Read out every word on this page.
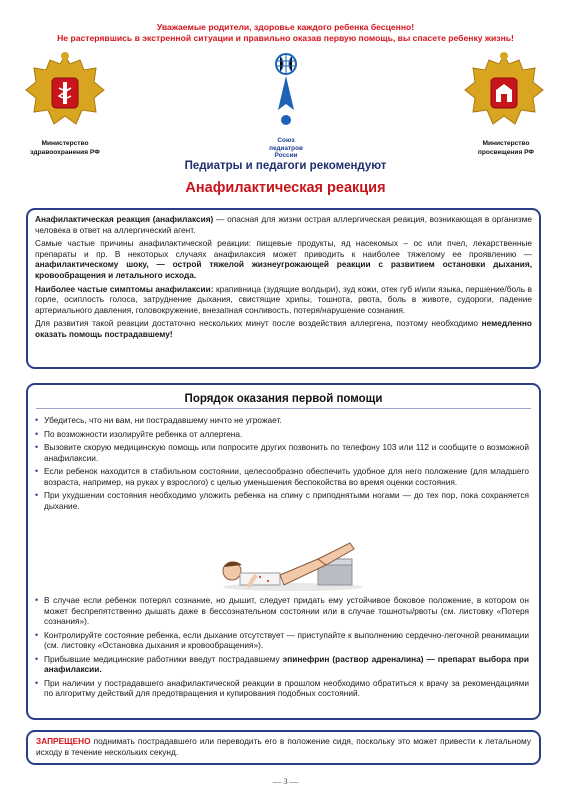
Уважаемые родители, здоровье каждого ребенка бесценно!
Не растерявшись в экстренной ситуации и правильно оказав первую помощь, вы спасете ребенку жизнь!
Министерство
здравоохранения РФ
Союз
педиатров
России
Министерство
просвещения РФ
Педиатры и педагоги рекомендуют
Анафилактическая реакция

Анафилактическая реакция (анафилаксия) — опасная для жизни острая аллергическая реакция, возникающая в организме человека в ответ на аллергический агент.

Самые частые причины анафилактической реакции: пищевые продукты, яд насекомых – ос или пчел, лекарственные препараты и пр. В некоторых случаях анафилаксия может приводить к наиболее тяжелому ее проявлению — анафилактическому шоку, — острой тяжелой жизнеугрожающей реакции с развитием остановки дыхания, кровообращения и летального исхода.

Наиболее частые симптомы анафилаксии: крапивница (зудящие волдыри), зуд кожи, отек губ и/или языка, першение/боль в горле, осиплость голоса, затруднение дыхания, свистящие хрипы, тошнота, рвота, боль в животе, судороги, падение артериального давления, головокружение, внезапная сонливость, потеря/нарушение сознания.

Для развития такой реакции достаточно нескольких минут после воздействия аллергена, поэтому необходимо немедленно оказать помощь пострадавшему!

Порядок оказания первой помощи
• Убедитесь, что ни вам, ни пострадавшему ничто не угрожает.
• По возможности изолируйте ребенка от аллергена.
• Вызовите скорую медицинскую помощь или попросите других позвонить по телефону 103 или 112 и сообщите о возможной анафилаксии.
• Если ребенок находится в стабильном состоянии, целесообразно обеспечить удобное для него положение (для младшего возраста, например, на руках у взрослого) с целью уменьшения беспокойства во время оценки состояния.
• При ухудшении состояния необходимо уложить ребенка на спину с приподнятыми ногами — до тех пор, пока сохраняется дыхание.
• В случае если ребенок потерял сознание, но дышит, следует придать ему устойчивое боковое положение, в котором он может беспрепятственно дышать даже в бессознательном состоянии или в случае тошноты/рвоты (см. листовку «Потеря сознания»).
• Контролируйте состояние ребенка, если дыхание отсутствует — приступайте к выполнению сердечно-легочной реанимации (см. листовку «Остановка дыхания и кровообращения»).
• Прибывшие медицинские работники введут пострадавшему эпинефрин (раствор адреналина) — препарат выбора при анафилаксии.
• При наличии у пострадавшего анафилактической реакции в прошлом необходимо обратиться к врачу за рекомендациями по алгоритму действий для предотвращения и купирования подобных состояний.

ЗАПРЕЩЕНО поднимать пострадавшего или переводить его в положение сидя, поскольку это может привести к летальному исходу в течение нескольких секунд.

— 3 —
